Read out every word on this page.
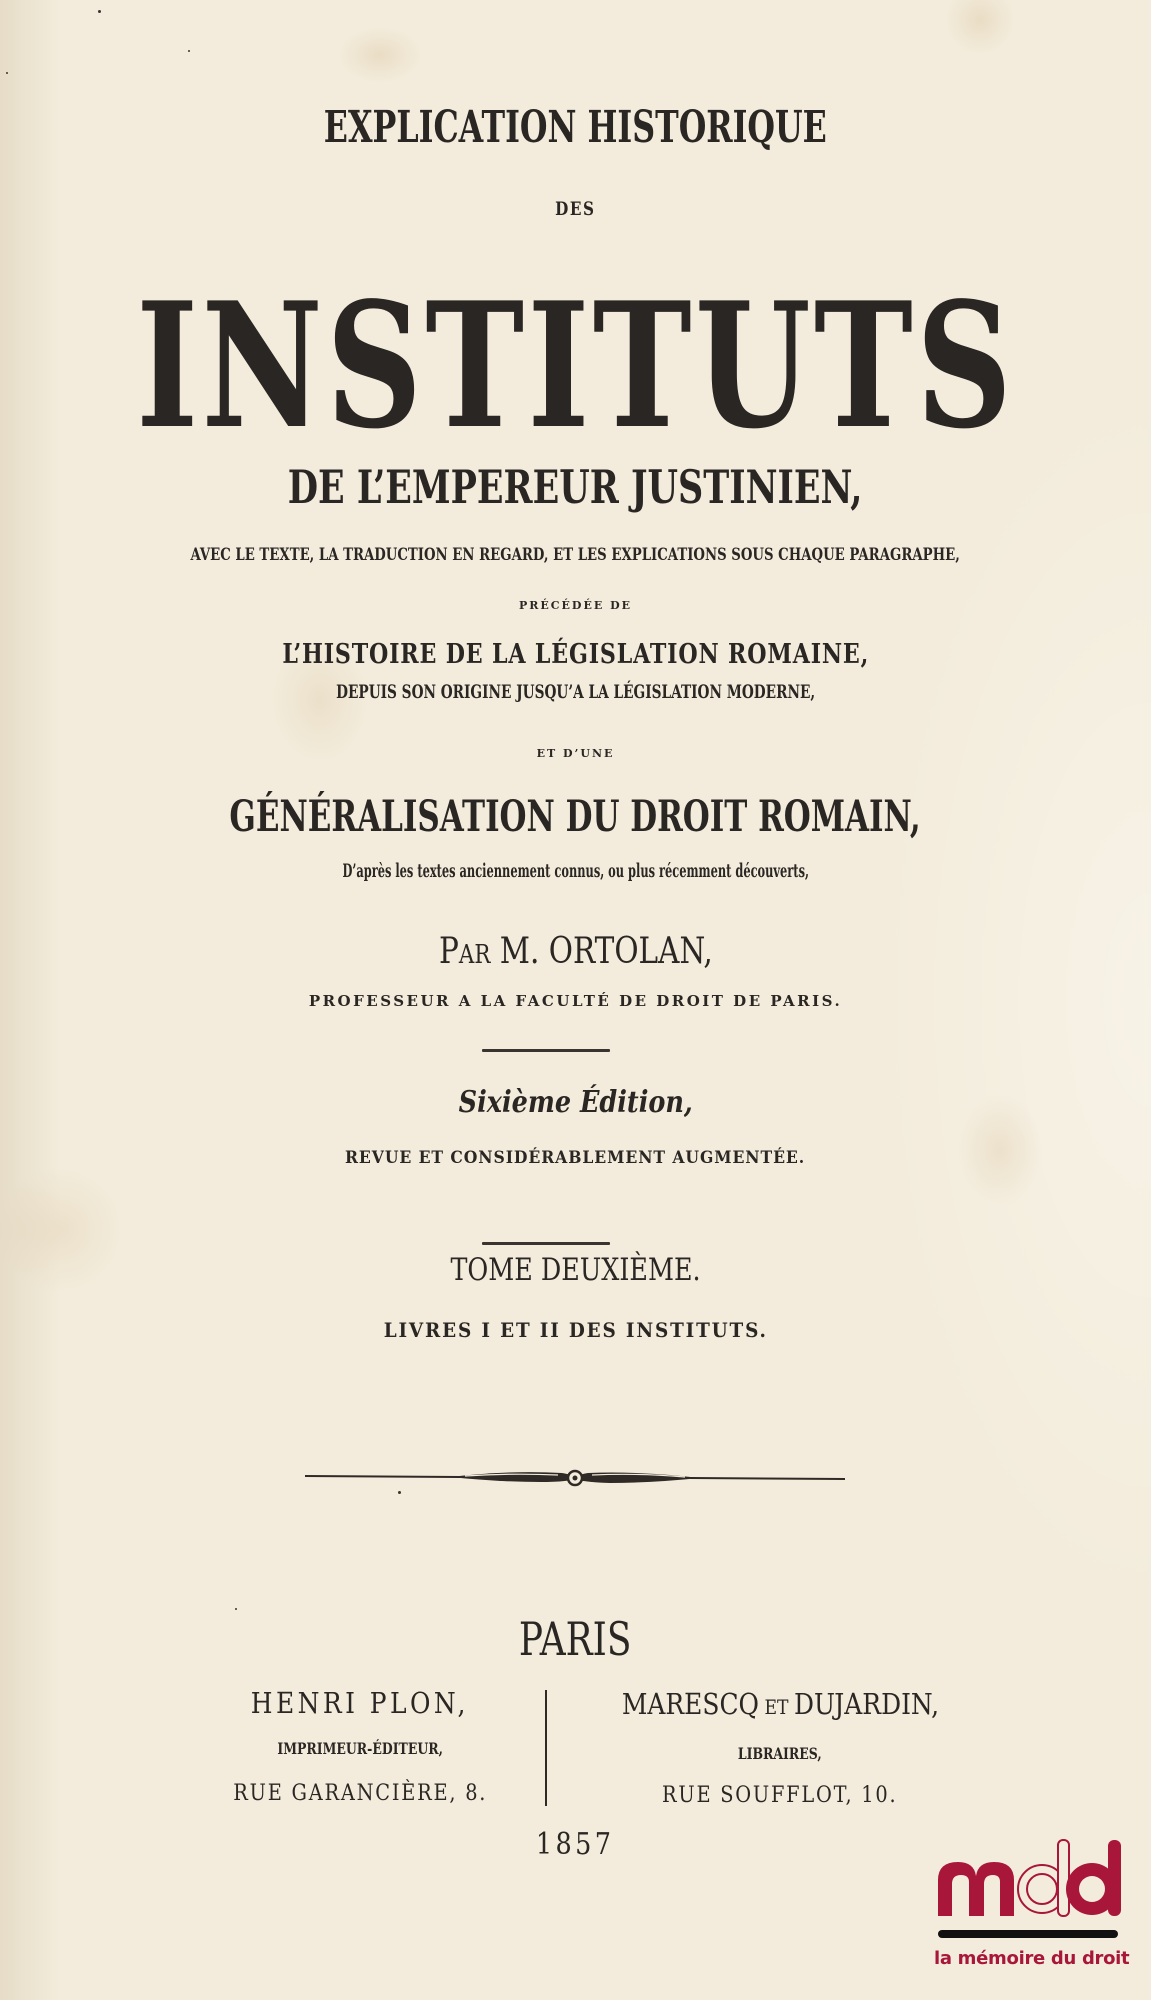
EXPLICATION HISTORIQUE

DES

INSTITUTS

DE L’EMPEREUR JUSTINIEN,

AVEC LE TEXTE, LA TRADUCTION EN REGARD, ET LES EXPLICATIONS SOUS CHAQUE PARAGRAPHE,

PRÉCÉDÉE DE

L’HISTOIRE DE LA LÉGISLATION ROMAINE,

DEPUIS SON ORIGINE JUSQU’A LA LÉGISLATION MODERNE,

ET D’UNE

GÉNÉRALISATION DU DROIT ROMAIN,

D’après les textes anciennement connus, ou plus récemment découverts,

PAR M. ORTOLAN,

PROFESSEUR A LA FACULTÉ DE DROIT DE PARIS.

Sixième Édition,

REVUE ET CONSIDÉRABLEMENT AUGMENTÉE.

TOME DEUXIÈME.

LIVRES I ET II DES INSTITUTS.

PARIS

HENRI PLON,
IMPRIMEUR-ÉDITEUR,
RUE GARANCIÈRE, 8.
MARESCQ ET DUJARDIN,
LIBRAIRES,
RUE SOUFFLOT, 10.

1857

la mémoire du droit
